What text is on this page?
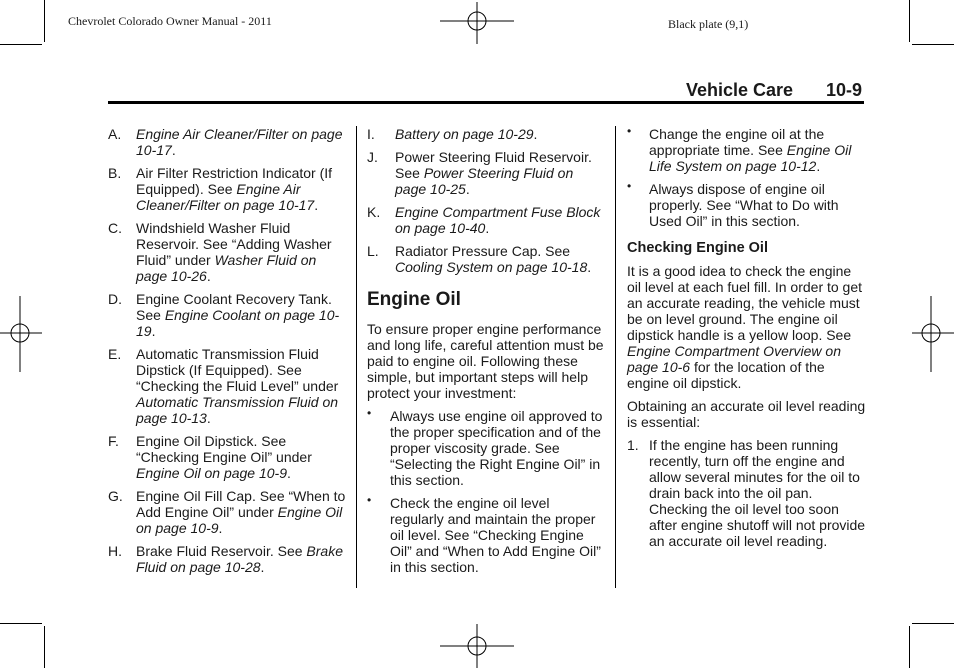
Chevrolet Colorado Owner Manual - 2011	Black plate (9,1)
Vehicle Care 10-9
A. Engine Air Cleaner/Filter on page 10-17.
B. Air Filter Restriction Indicator (If Equipped). See Engine Air Cleaner/Filter on page 10-17.
C. Windshield Washer Fluid Reservoir. See “Adding Washer Fluid” under Washer Fluid on page 10-26.
D. Engine Coolant Recovery Tank. See Engine Coolant on page 10-19.
E. Automatic Transmission Fluid Dipstick (If Equipped). See “Checking the Fluid Level” under Automatic Transmission Fluid on page 10-13.
F. Engine Oil Dipstick. See “Checking Engine Oil” under Engine Oil on page 10-9.
G. Engine Oil Fill Cap. See “When to Add Engine Oil” under Engine Oil on page 10-9.
H. Brake Fluid Reservoir. See Brake Fluid on page 10-28.
I. Battery on page 10-29.
J. Power Steering Fluid Reservoir. See Power Steering Fluid on page 10-25.
K. Engine Compartment Fuse Block on page 10-40.
L. Radiator Pressure Cap. See Cooling System on page 10-18.
Engine Oil

To ensure proper engine performance and long life, careful attention must be paid to engine oil. Following these simple, but important steps will help protect your investment:

• Always use engine oil approved to the proper specification and of the proper viscosity grade. See “Selecting the Right Engine Oil” in this section.
• Check the engine oil level regularly and maintain the proper oil level. See “Checking Engine Oil” and “When to Add Engine Oil” in this section.
• Change the engine oil at the appropriate time. See Engine Oil Life System on page 10-12.
• Always dispose of engine oil properly. See “What to Do with Used Oil” in this section.
Checking Engine Oil

It is a good idea to check the engine oil level at each fuel fill. In order to get an accurate reading, the vehicle must be on level ground. The engine oil dipstick handle is a yellow loop. See Engine Compartment Overview on page 10-6 for the location of the engine oil dipstick.

Obtaining an accurate oil level reading is essential:

1. If the engine has been running recently, turn off the engine and allow several minutes for the oil to drain back into the oil pan. Checking the oil level too soon after engine shutoff will not provide an accurate oil level reading.
